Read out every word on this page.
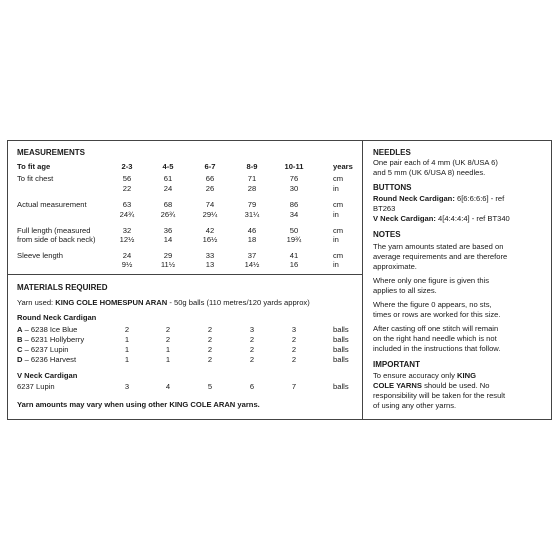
MEASUREMENTS
To fit age	2-3	4-5	6-7	8-9	10-11	years
To fit chest	56	61	66	71	76	cm
22	24	26	28	30	in
Actual measurement	63	68	74	79	86	cm
24¾	26¾	29¼	31¼	34	in
Full length (measured
from side of back neck)
32	36	42	46	50	cm
12½	14	16½	18	19¾	in
Sleeve length	24	29	33	37	41	cm
9½	11½	13	14½	16	in
MATERIALS REQUIRED
Yarn used: KING COLE HOMESPUN ARAN - 50g balls (110 metres/120 yards approx)
Round Neck Cardigan
A – 6238 Ice Blue	2	2	2	3	3	balls
B – 6231 Hollyberry	1	2	2	2	2	balls
C – 6237 Lupin	1	1	2	2	2	balls
D – 6236 Harvest	1	1	2	2	2	balls
V Neck Cardigan
6237 Lupin	3	4	5	6	7	balls
Yarn amounts may vary when using other KING COLE ARAN yarns.
NEEDLES
One pair each of 4 mm (UK 8/USA 6)
and 5 mm (UK 6/USA 8) needles.
BUTTONS
Round Neck Cardigan: 6[6:6:6:6] - ref
BT263
V Neck Cardigan: 4[4:4:4:4] - ref BT340
NOTES
The yarn amounts stated are based on
average requirements and are therefore
approximate.
Where only one figure is given this
applies to all sizes.
Where the figure 0 appears, no sts,
times or rows are worked for this size.
After casting off one stitch will remain
on the right hand needle which is not
included in the instructions that follow.
IMPORTANT
To ensure accuracy only KING
COLE YARNS should be used. No
responsibility will be taken for the result
of using any other yarns.
